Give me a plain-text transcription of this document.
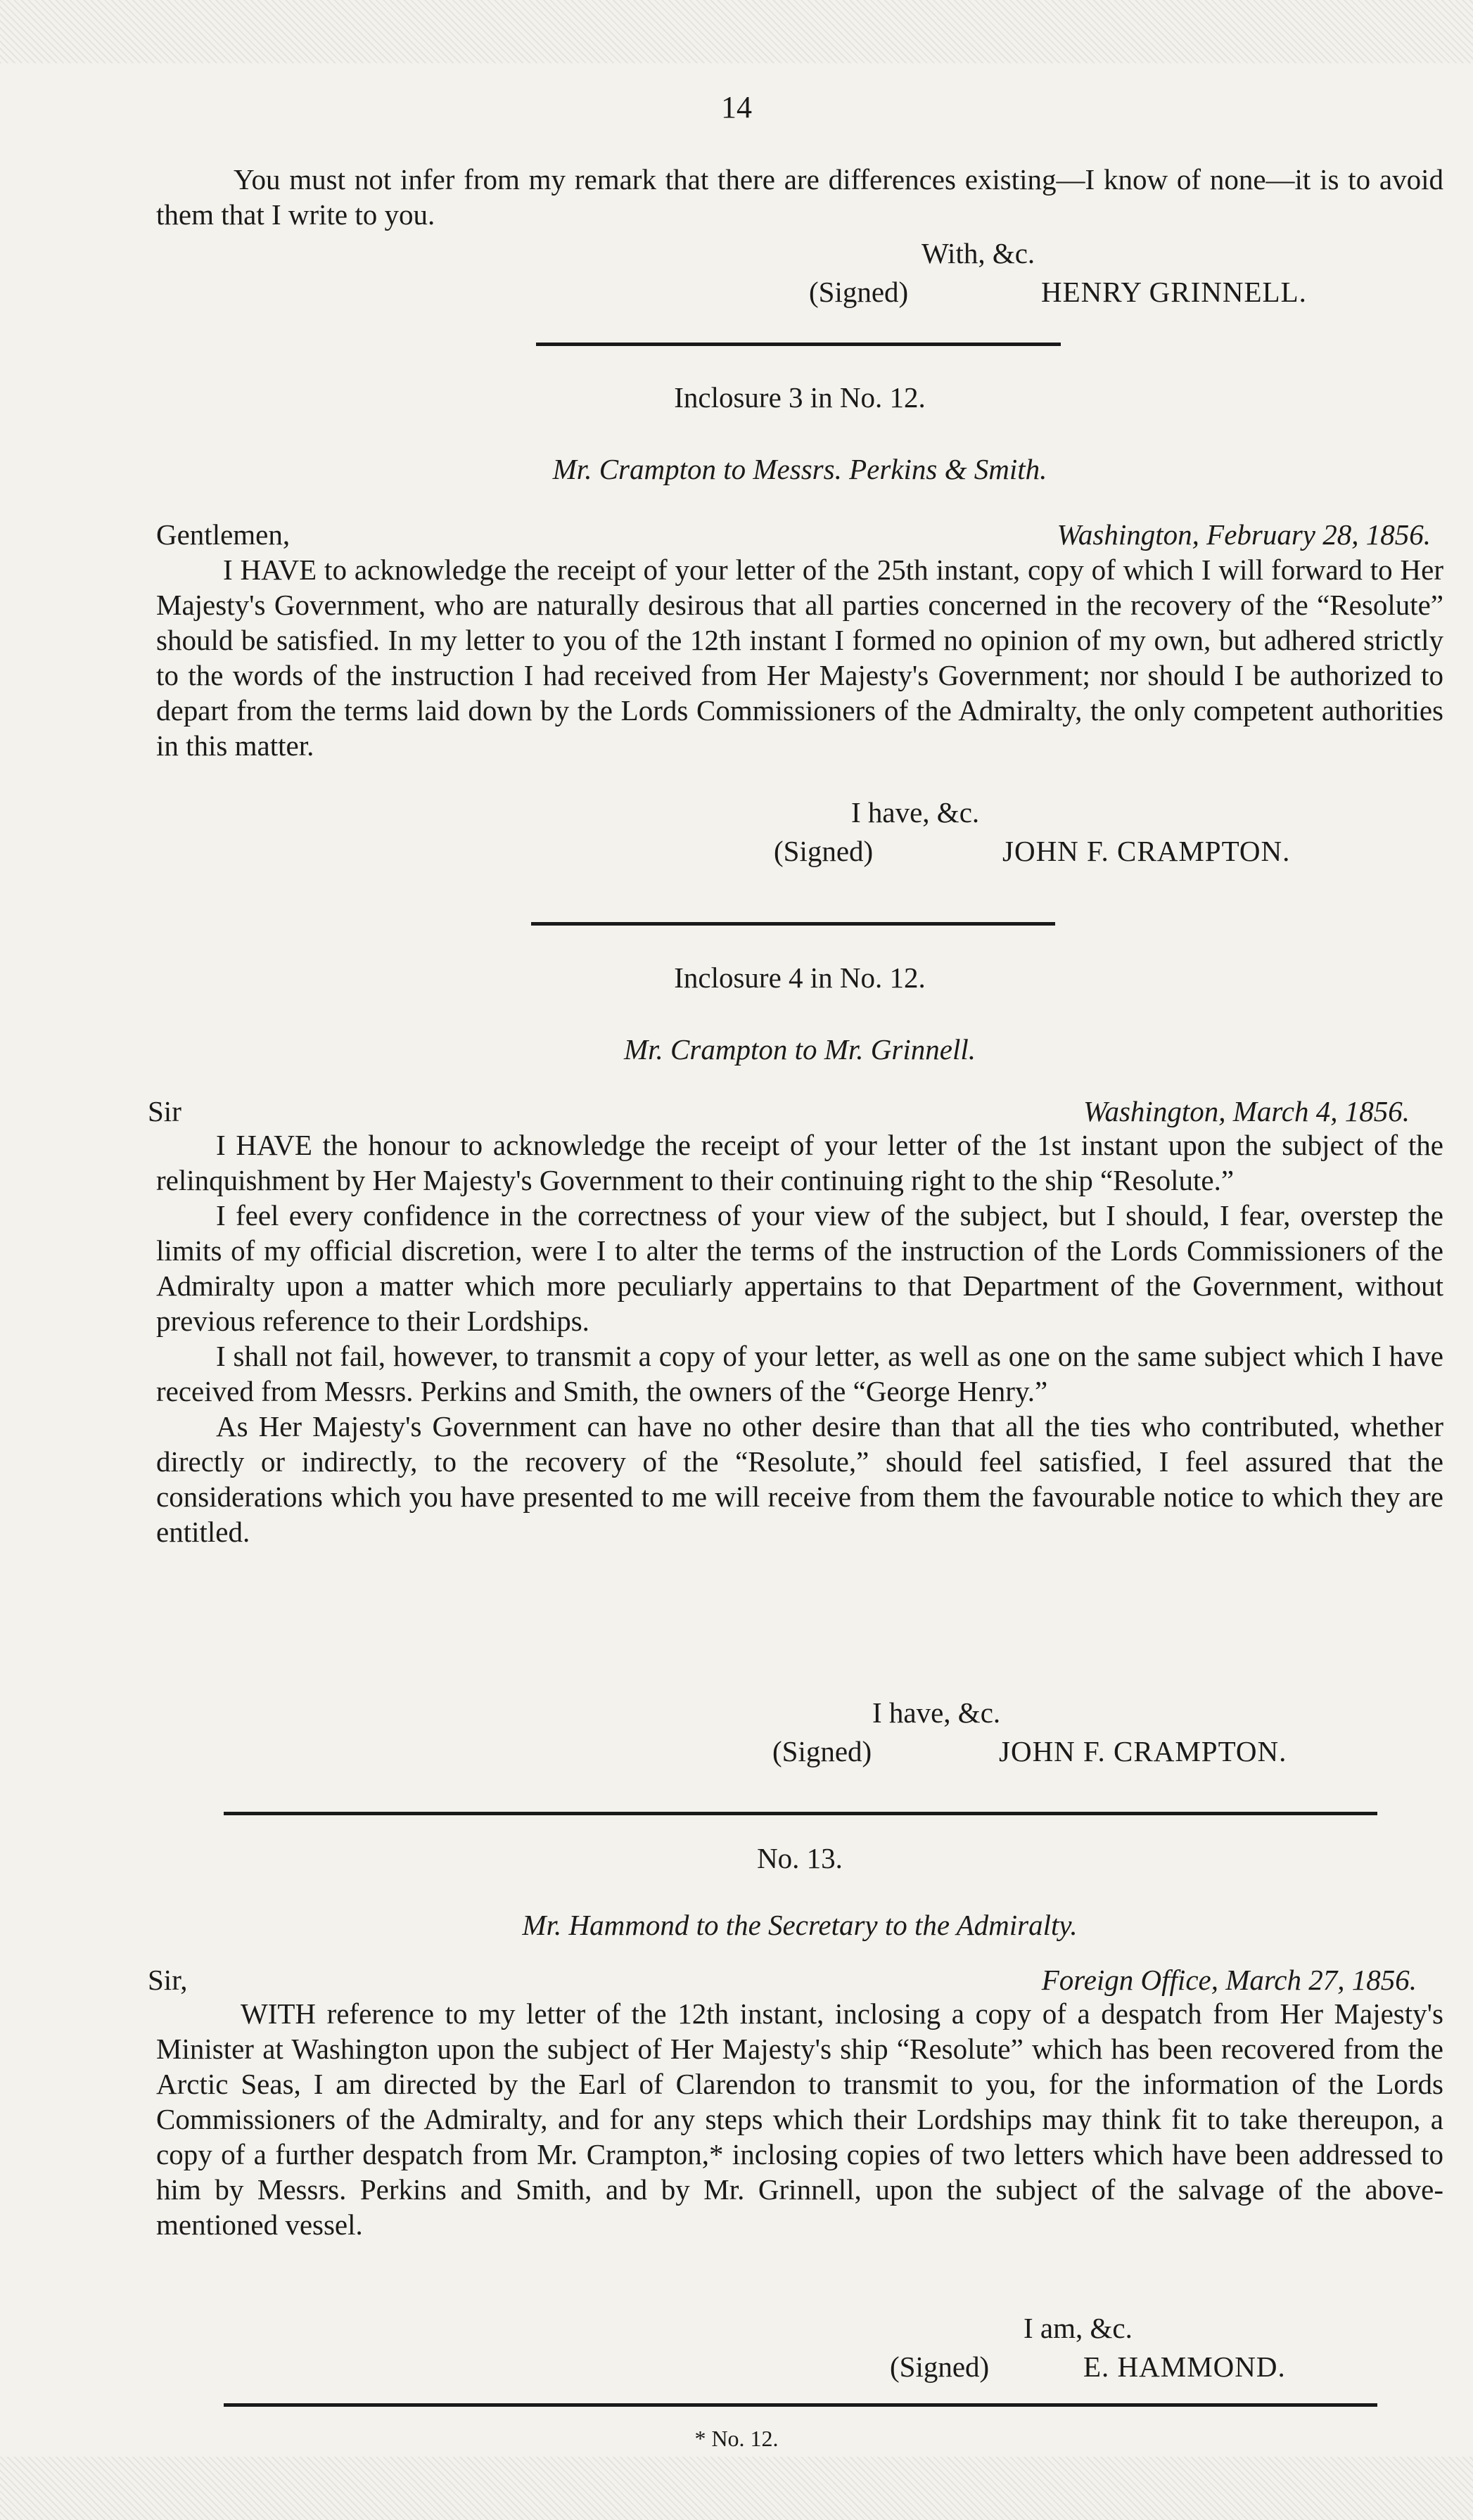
14

You must not infer from my remark that there are differences existing—I know of none—it is to avoid them that I write to you.

With, &c.
(Signed)	HENRY GRINNELL.
Inclosure 3 in No. 12.
Mr. Crampton to Messrs. Perkins & Smith.
Gentlemen,	Washington, February 28, 1856.

I HAVE to acknowledge the receipt of your letter of the 25th instant, copy of which I will forward to Her Majesty's Government, who are naturally desirous that all parties concerned in the recovery of the “Resolute” should be satisfied. In my letter to you of the 12th instant I formed no opinion of my own, but adhered strictly to the words of the instruction I had received from Her Majesty's Government; nor should I be authorized to depart from the terms laid down by the Lords Commissioners of the Admiralty, the only competent authorities in this matter.

I have, &c.
(Signed)	JOHN F. CRAMPTON.
Inclosure 4 in No. 12.
Mr. Crampton to Mr. Grinnell.
Sir	Washington, March 4, 1856.

I HAVE the honour to acknowledge the receipt of your letter of the 1st instant upon the subject of the relinquishment by Her Majesty's Government to their continuing right to the ship “Resolute.”

I feel every confidence in the correctness of your view of the subject, but I should, I fear, overstep the limits of my official discretion, were I to alter the terms of the instruction of the Lords Commissioners of the Admiralty upon a matter which more peculiarly appertains to that Department of the Government, without previous reference to their Lordships.

I shall not fail, however, to transmit a copy of your letter, as well as one on the same subject which I have received from Messrs. Perkins and Smith, the owners of the “George Henry.”

As Her Majesty's Government can have no other desire than that all the ties who contributed, whether directly or indirectly, to the recovery of the “Resolute,” should feel satisfied, I feel assured that the considerations which you have presented to me will receive from them the favourable notice to which they are entitled.

I have, &c.
(Signed)	JOHN F. CRAMPTON.
No. 13.
Mr. Hammond to the Secretary to the Admiralty.
Sir,	Foreign Office, March 27, 1856.

WITH reference to my letter of the 12th instant, inclosing a copy of a despatch from Her Majesty's Minister at Washington upon the subject of Her Majesty's ship “Resolute” which has been recovered from the Arctic Seas, I am directed by the Earl of Clarendon to transmit to you, for the information of the Lords Commissioners of the Admiralty, and for any steps which their Lordships may think fit to take thereupon, a copy of a further despatch from Mr. Crampton,* inclosing copies of two letters which have been addressed to him by Messrs. Perkins and Smith, and by Mr. Grinnell, upon the subject of the salvage of the above-mentioned vessel.

I am, &c.
(Signed)	E. HAMMOND.
* No. 12.
